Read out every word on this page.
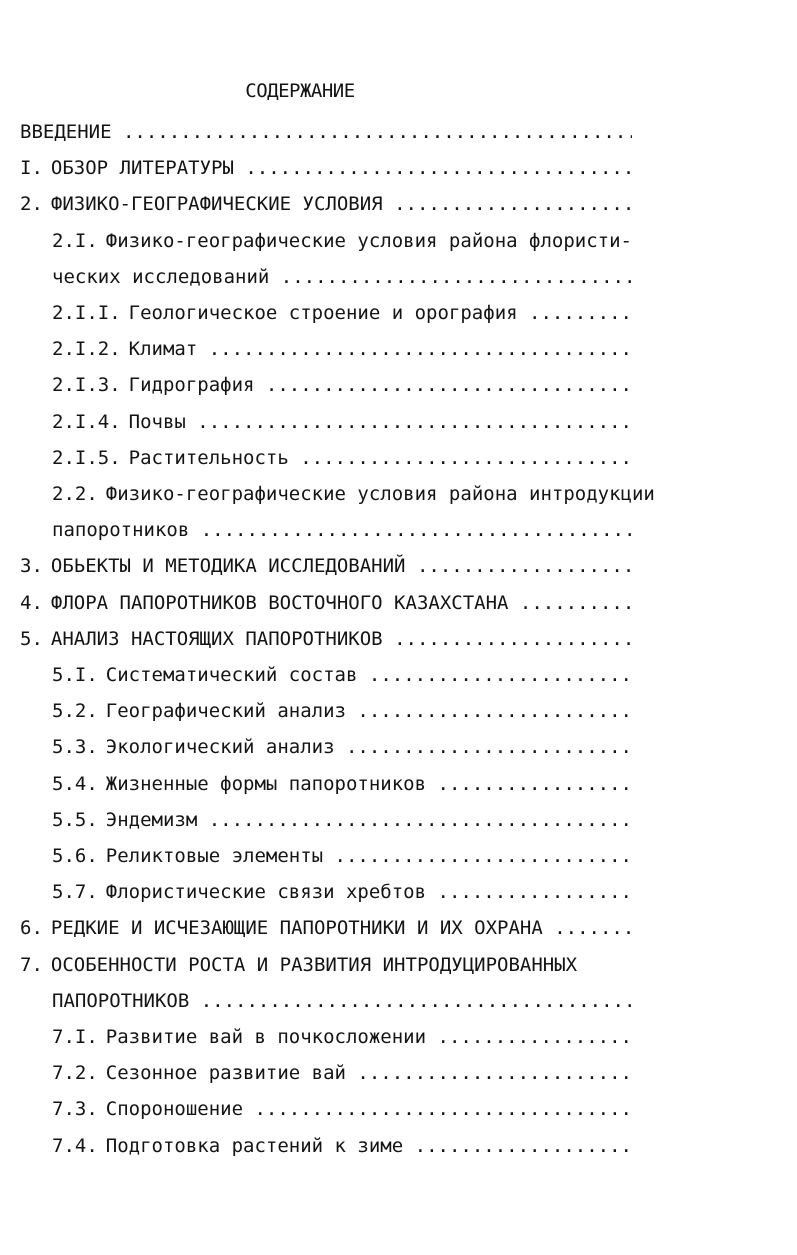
СОДЕРЖАНИЕ
ВВЕДЕНИЕ .....
I. ОБЗОР ЛИТЕРАТУРЫ .....
2. ФИЗИКО-ГЕОГРАФИЧЕСКИЕ УСЛОВИЯ .....
2.I. Физико-географические условия района флористи-
ческих исследований .....
2.I.I. Геологическое строение и орография .....
2.I.2. Климат .....
2.I.3. Гидрография .....
2.I.4. Почвы .....
2.I.5. Растительность .....
2.2. Физико-географические условия района интродукции
папоротников .....
3. ОБЬЕКТЫ И МЕТОДИКА ИССЛЕДОВАНИЙ .....
4. ФЛОРА ПАПОРОТНИКОВ ВОСТОЧНОГО КАЗАХСТАНА .....
5. АНАЛИЗ НАСТОЯЩИХ ПАПОРОТНИКОВ .....
5.I. Систематический состав .....
5.2. Географический анализ .....
5.3. Экологический анализ .....
5.4. Жизненные формы папоротников .....
5.5. Эндемизм .....
5.6. Реликтовые элементы .....
5.7. Флористические связи хребтов .....
6. РЕДКИЕ И ИСЧЕЗАЮЩИЕ ПАПОРОТНИКИ И ИХ ОХРАНА .....
7. ОСОБЕННОСТИ РОСТА И РАЗВИТИЯ ИНТРОДУЦИРОВАННЫХ
ПАПОРОТНИКОВ .....
7.I. Развитие вай в почкосложении .....
7.2. Сезонное развитие вай .....
7.3. Спороношение .....
7.4. Подготовка растений к зиме .....
